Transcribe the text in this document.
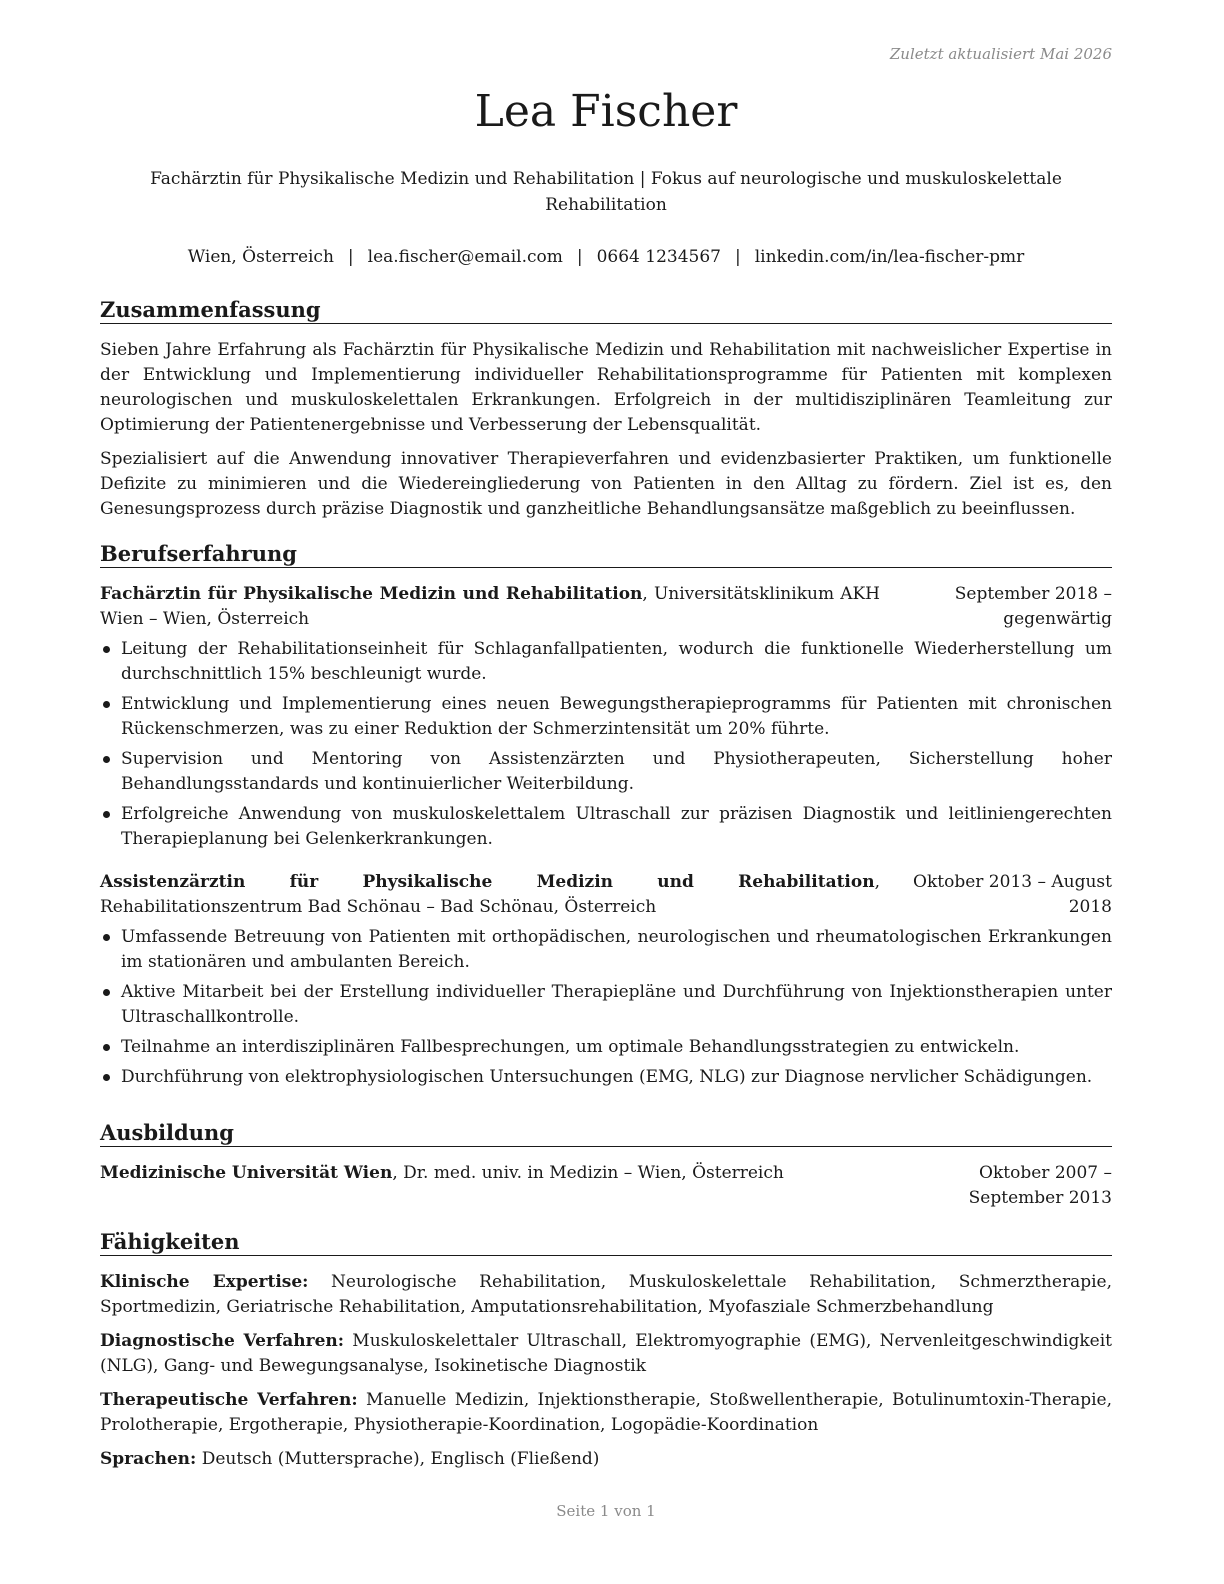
Zuletzt aktualisiert Mai 2026
Lea Fischer

Fachärztin für Physikalische Medizin und Rehabilitation | Fokus auf neurologische und muskuloskelettale Rehabilitation

Wien, Österreich | lea.fischer@email.com | 0664 1234567 | linkedin.com/in/lea-fischer-pmr

Zusammenfassung

Sieben Jahre Erfahrung als Fachärztin für Physikalische Medizin und Rehabilitation mit nachweislicher Expertise in der Entwicklung und Implementierung individueller Rehabilitationsprogramme für Patienten mit komplexen neurologischen und muskuloskelettalen Erkrankungen. Erfolgreich in der multidisziplinären Teamleitung zur Optimierung der Patientenergebnisse und Verbesserung der Lebensqualität.

Spezialisiert auf die Anwendung innovativer Therapieverfahren und evidenzbasierter Praktiken, um funktionelle Defizite zu minimieren und die Wiedereingliederung von Patienten in den Alltag zu fördern. Ziel ist es, den Genesungsprozess durch präzise Diagnostik und ganzheitliche Behandlungsansätze maßgeblich zu beeinflussen.

Berufserfahrung
Fachärztin für Physikalische Medizin und Rehabilitation, Universitätsklinikum AKH Wien – Wien, Österreich
September 2018 – gegenwärtig
Leitung der Rehabilitationseinheit für Schlaganfallpatienten, wodurch die funktionelle Wiederherstellung um durchschnittlich 15% beschleunigt wurde.
Entwicklung und Implementierung eines neuen Bewegungstherapieprogramms für Patienten mit chronischen Rückenschmerzen, was zu einer Reduktion der Schmerzintensität um 20% führte.
Supervision und Mentoring von Assistenzärzten und Physiotherapeuten, Sicherstellung hoher Behandlungsstandards und kontinuierlicher Weiterbildung.
Erfolgreiche Anwendung von muskuloskelettalem Ultraschall zur präzisen Diagnostik und leitliniengerechten Therapieplanung bei Gelenkerkrankungen.
Assistenzärztin für Physikalische Medizin und Rehabilitation, Rehabilitationszentrum Bad Schönau – Bad Schönau, Österreich
Oktober 2013 – August 2018
Umfassende Betreuung von Patienten mit orthopädischen, neurologischen und rheumatologischen Erkrankungen im stationären und ambulanten Bereich.
Aktive Mitarbeit bei der Erstellung individueller Therapiepläne und Durchführung von Injektionstherapien unter Ultraschallkontrolle.
Teilnahme an interdisziplinären Fallbesprechungen, um optimale Behandlungsstrategien zu entwickeln.
Durchführung von elektrophysiologischen Untersuchungen (EMG, NLG) zur Diagnose nervlicher Schädigungen.
Ausbildung
Medizinische Universität Wien, Dr. med. univ. in Medizin – Wien, Österreich	Oktober 2007 – September 2013
Fähigkeiten
Klinische Expertise: Neurologische Rehabilitation, Muskuloskelettale Rehabilitation, Schmerztherapie, Sportmedizin, Geriatrische Rehabilitation, Amputationsrehabilitation, Myofasziale Schmerzbehandlung
Diagnostische Verfahren: Muskuloskelettaler Ultraschall, Elektromyographie (EMG), Nervenleitgeschwindigkeit (NLG), Gang- und Bewegungsanalyse, Isokinetische Diagnostik
Therapeutische Verfahren: Manuelle Medizin, Injektionstherapie, Stoßwellentherapie, Botulinumtoxin-Therapie, Prolotherapie, Ergotherapie, Physiotherapie-Koordination, Logopädie-Koordination
Sprachen: Deutsch (Muttersprache), Englisch (Fließend)
Seite 1 von 1
